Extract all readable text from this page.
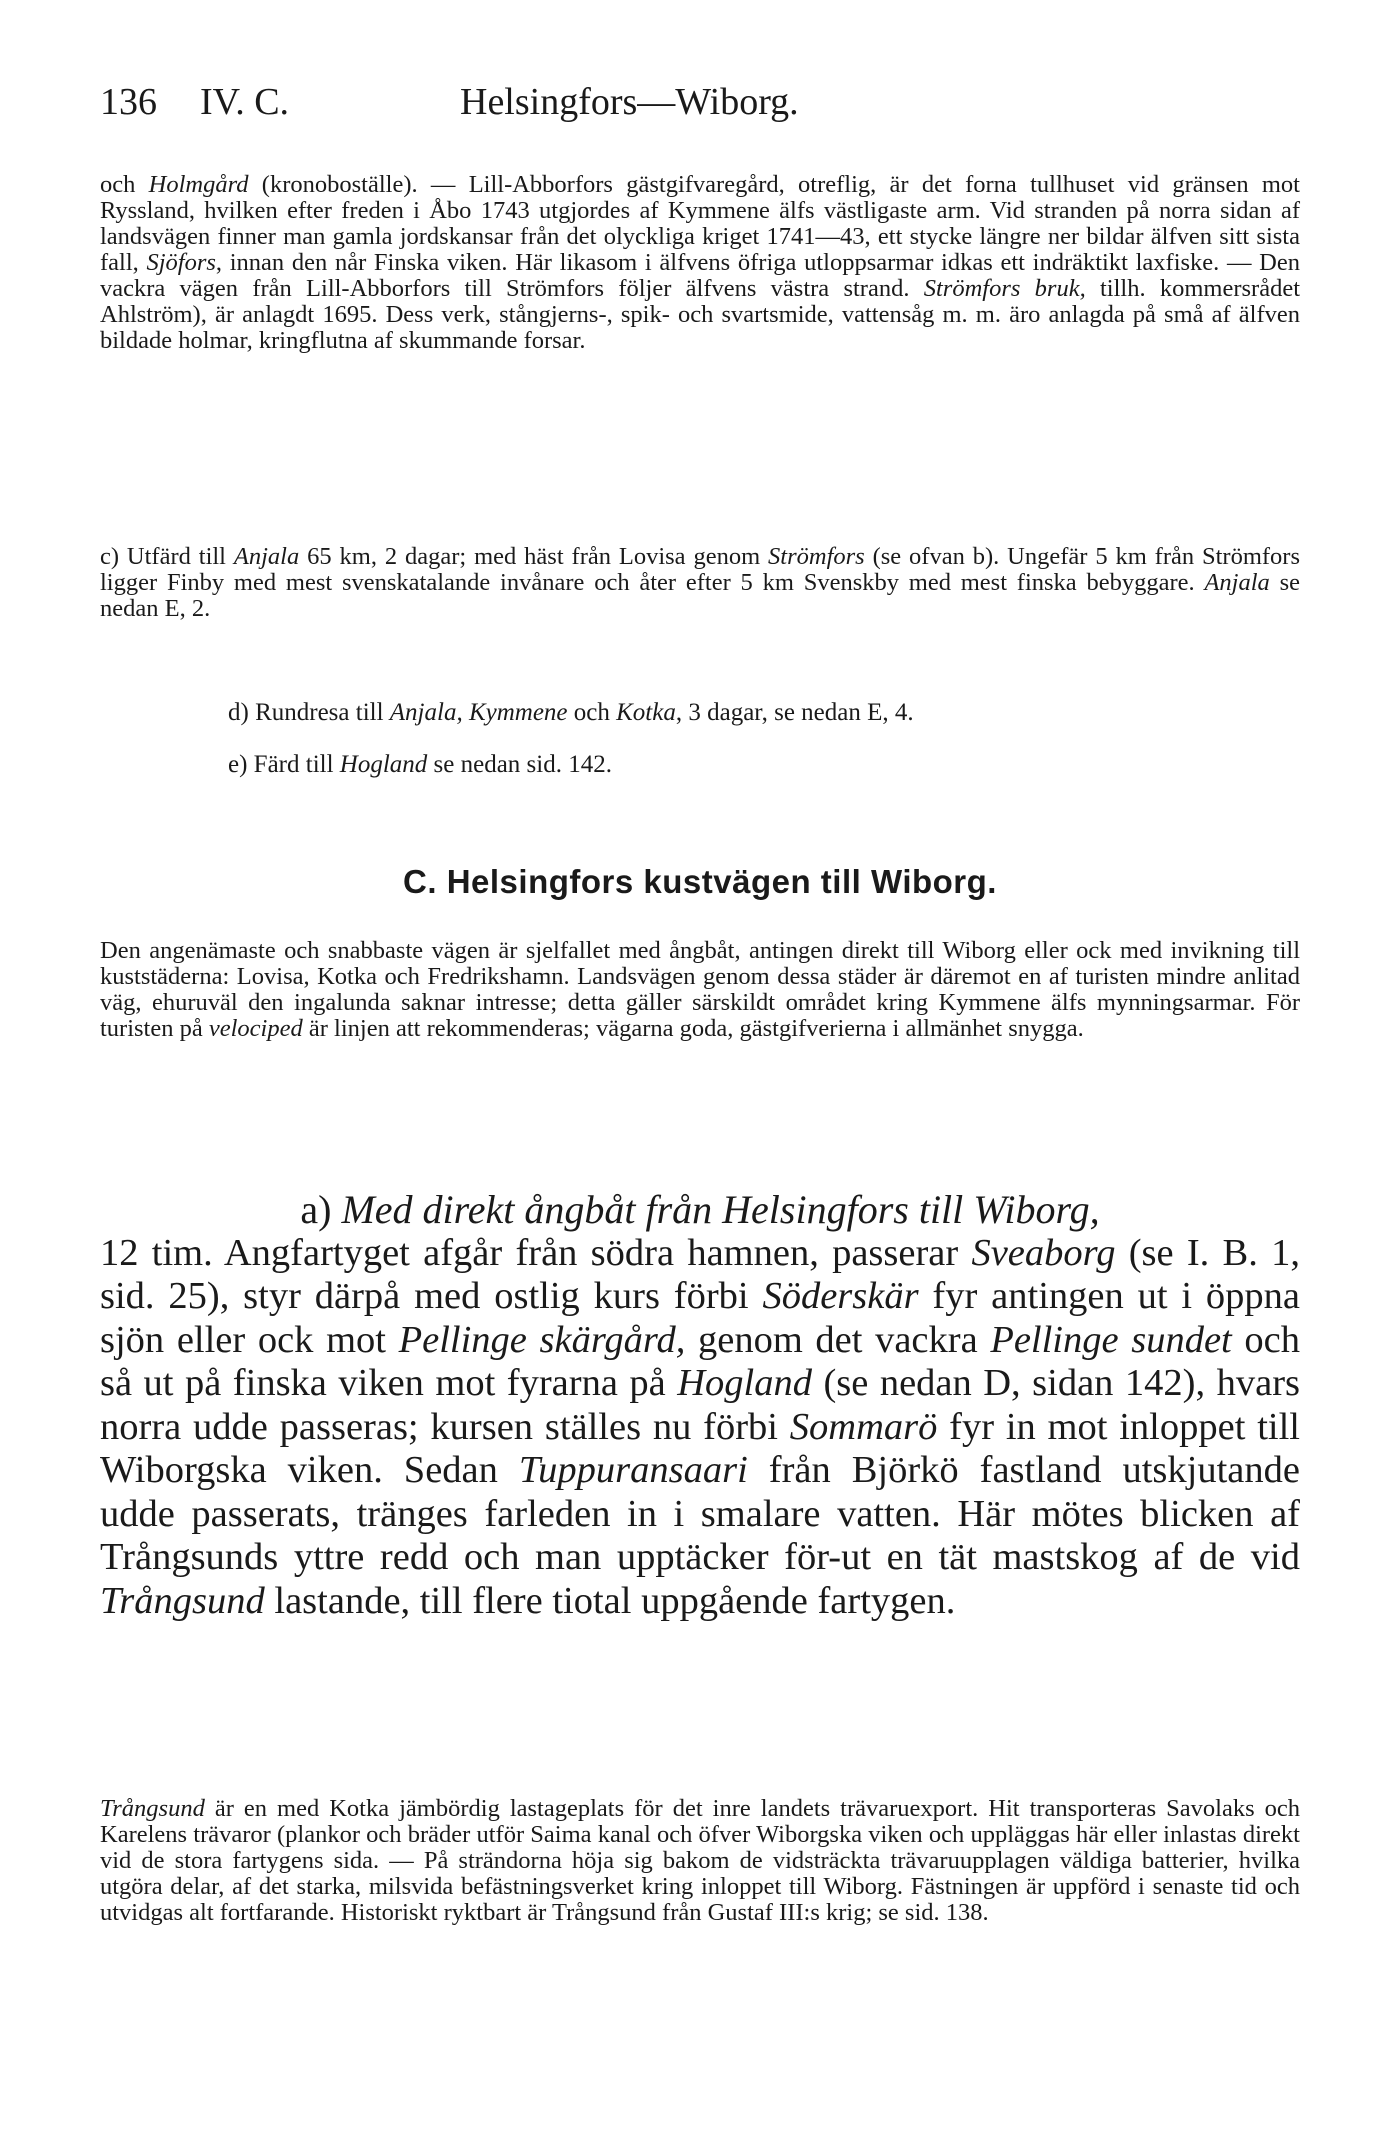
136 IV. C.	Helsingfors—Wiborg.
och Holmgård (kronoboställe). — Lill-Abborfors gästgifvaregård, otreflig, är det forna tullhuset vid gränsen mot Ryssland, hvilken efter freden i Åbo 1743 utgjordes af Kymmene älfs västligaste arm. Vid stranden på norra sidan af landsvägen finner man gamla jordskansar från det olyckliga kriget 1741—43, ett stycke längre ner bildar älfven sitt sista fall, Sjöfors, innan den når Finska viken. Här likasom i älfvens öfriga utloppsarmar idkas ett indräktikt laxfiske. — Den vackra vägen från Lill-Abborfors till Strömfors följer älfvens västra strand. Strömfors bruk, tillh. kommersrådet Ahlström), är anlagdt 1695. Dess verk, stångjerns-, spik- och svartsmide, vattensåg m. m. äro anlagda på små af älfven bildade holmar, kringflutna af skummande forsar.
c) Utfärd till Anjala 65 km, 2 dagar; med häst från Lovisa genom Strömfors (se ofvan b). Ungefär 5 km från Strömfors ligger Finby med mest svenskatalande invånare och åter efter 5 km Svenskby med mest finska bebyggare. Anjala se nedan E, 2.
d) Rundresa till Anjala, Kymmene och Kotka, 3 dagar, se nedan E, 4.
e) Färd till Hogland se nedan sid. 142.
C. Helsingfors kustvägen till Wiborg.
Den angenämaste och snabbaste vägen är sjelfallet med ångbåt, antingen direkt till Wiborg eller ock med invikning till kuststäderna: Lovisa, Kotka och Fredrikshamn. Landsvägen genom dessa städer är däremot en af turisten mindre anlitad väg, ehuruväl den ingalunda saknar intresse; detta gäller särskildt området kring Kymmene älfs mynningsarmar. För turisten på velociped är linjen att rekommenderas; vägarna goda, gästgifverierna i allmänhet snygga.
a) Med direkt ångbåt från Helsingfors till Wiborg,
12 tim. Angfartyget afgår från södra hamnen, passerar Sveaborg (se I. B. 1, sid. 25), styr därpå med ostlig kurs förbi Söderskär fyr antingen ut i öppna sjön eller ock mot Pellinge skärgård, genom det vackra Pellinge sundet och så ut på finska viken mot fyrarna på Hogland (se nedan D, sidan 142), hvars norra udde passeras; kursen ställes nu förbi Sommarö fyr in mot inloppet till Wiborgska viken. Sedan Tuppuransaari från Björkö fastland utskjutande udde passerats, tränges farleden in i smalare vatten. Här mötes blicken af Trångsunds yttre redd och man upptäcker för-ut en tät mastskog af de vid Trångsund lastande, till flere tiotal uppgående fartygen.
Trångsund är en med Kotka jämbördig lastageplats för det inre landets trävaruexport. Hit transporteras Savolaks och Karelens trävaror (plankor och bräder utför Saima kanal och öfver Wiborgska viken och uppläggas här eller inlastas direkt vid de stora fartygens sida. — På strändorna höja sig bakom de vidsträckta trävaruupplagen väldiga batterier, hvilka utgöra delar, af det starka, milsvida befästningsverket kring inloppet till Wiborg. Fästningen är uppförd i senaste tid och utvidgas alt fortfarande. Historiskt ryktbart är Trångsund från Gustaf III:s krig; se sid. 138.
